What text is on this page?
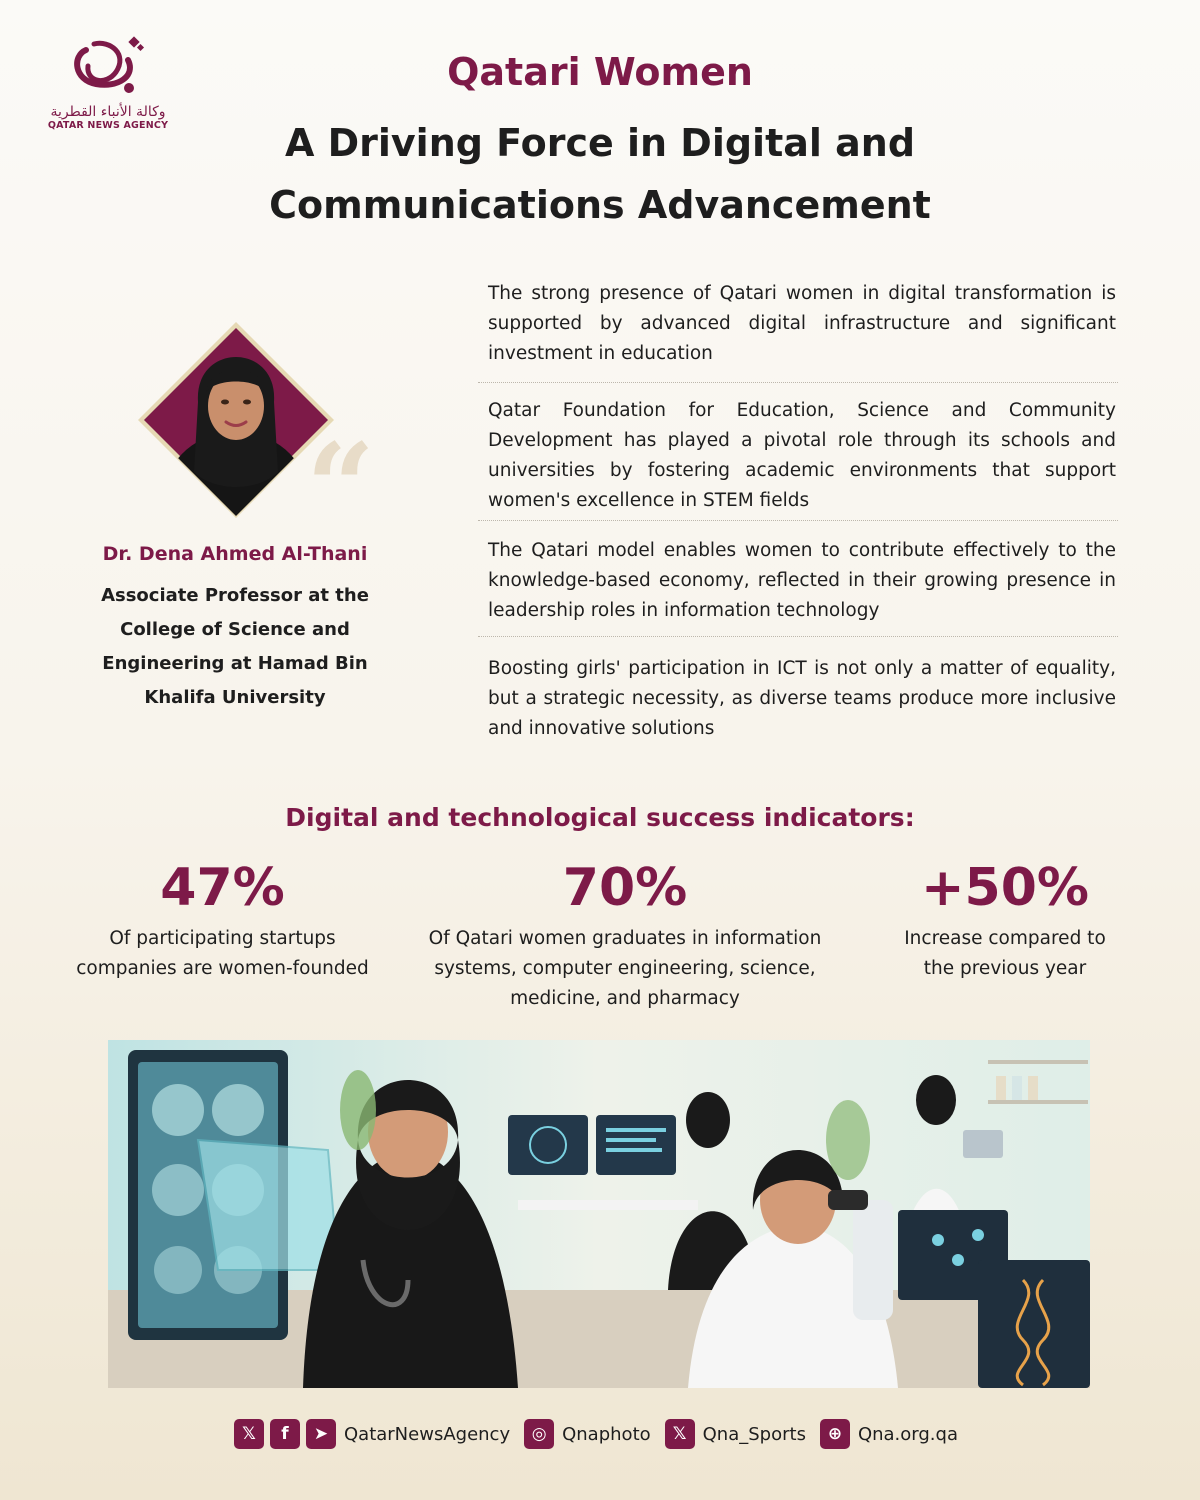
وكالة الأنباء القطرية
QATAR NEWS AGENCY
Qatari Women
A Driving Force in Digital and
Communications Advancement
“
Dr. Dena Ahmed Al-Thani
Associate Professor at the
College of Science and
Engineering at Hamad Bin
Khalifa University
The strong presence of Qatari women in digital transformation is supported by advanced digital infrastructure and significant investment in education
Qatar Foundation for Education, Science and Community Development has played a pivotal role through its schools and universities by fostering academic environments that support women's excellence in STEM fields
The Qatari model enables women to contribute effectively to the knowledge-based economy, reflected in their growing presence in leadership roles in information technology
Boosting girls' participation in ICT is not only a matter of equality, but a strategic necessity, as diverse teams produce more inclusive and innovative solutions
Digital and technological success indicators:
47%
Of participating startups
companies are women-founded
70%
Of Qatari women graduates in information
systems, computer engineering, science,
medicine, and pharmacy
+50%
Increase compared to
the previous year
𝕏	f	➤ QatarNewsAgency	◎ Qnaphoto	𝕏 Qna_Sports	⊕ Qna.org.qa
